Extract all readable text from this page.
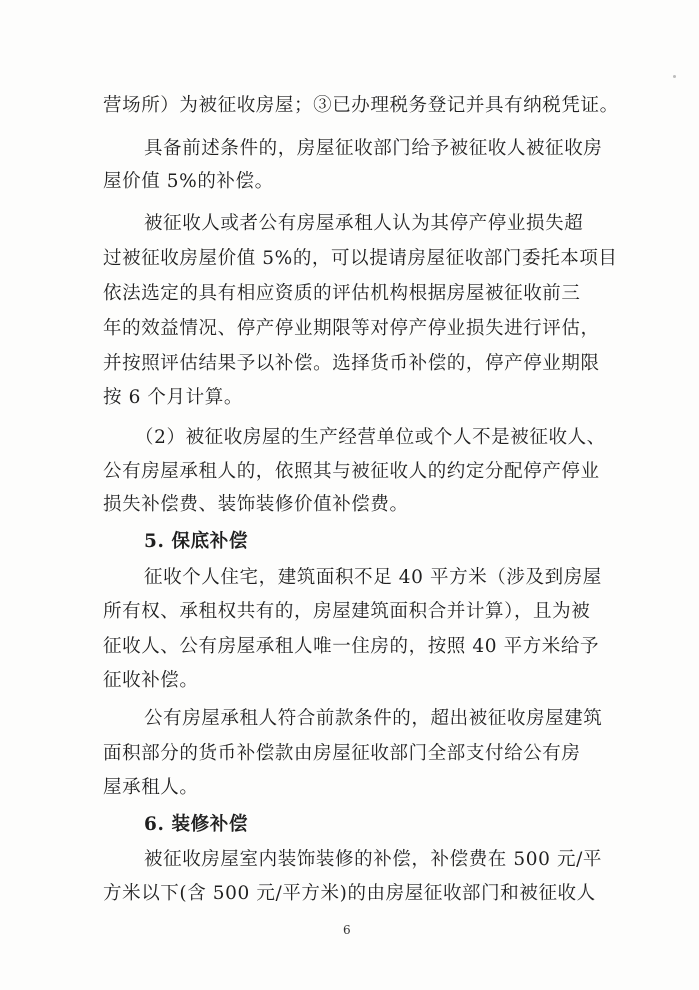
营场所）为被征收房屋；③已办理税务登记并具有纳税凭证。
具备前述条件的，房屋征收部门给予被征收人被征收房
屋价值 5%的补偿。
被征收人或者公有房屋承租人认为其停产停业损失超
过被征收房屋价值 5%的，可以提请房屋征收部门委托本项目
依法选定的具有相应资质的评估机构根据房屋被征收前三
年的效益情况、停产停业期限等对停产停业损失进行评估，
并按照评估结果予以补偿。选择货币补偿的，停产停业期限
按 6 个月计算。
（2）被征收房屋的生产经营单位或个人不是被征收人、
公有房屋承租人的，依照其与被征收人的约定分配停产停业
损失补偿费、装饰装修价值补偿费。
5. 保底补偿
征收个人住宅，建筑面积不足 40 平方米（涉及到房屋
所有权、承租权共有的，房屋建筑面积合并计算），且为被
征收人、公有房屋承租人唯一住房的，按照 40 平方米给予
征收补偿。
公有房屋承租人符合前款条件的，超出被征收房屋建筑
面积部分的货币补偿款由房屋征收部门全部支付给公有房
屋承租人。
6. 装修补偿
被征收房屋室内装饰装修的补偿，补偿费在 500 元/平
方米以下(含 500 元/平方米)的由房屋征收部门和被征收人
6
